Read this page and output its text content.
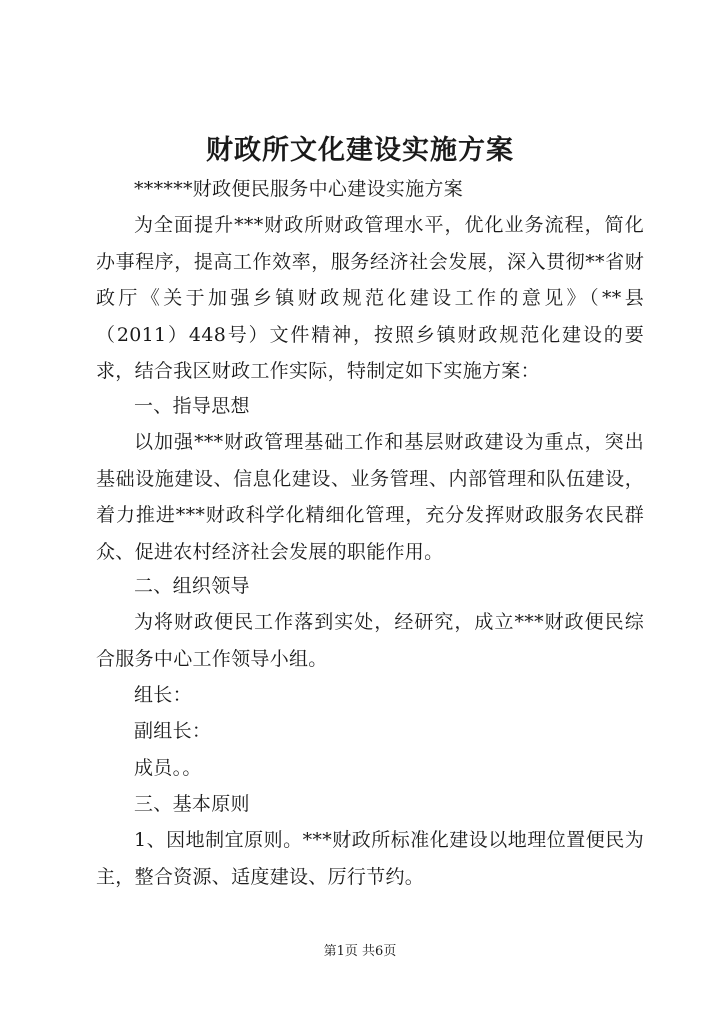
财政所文化建设实施方案
******财政便民服务中心建设实施方案
为全面提升***财政所财政管理水平，优化业务流程，简化办事程序，提高工作效率，服务经济社会发展，深入贯彻**省财政厅《关于加强乡镇财政规范化建设工作的意见》（**县（2011）448号）文件精神，按照乡镇财政规范化建设的要求，结合我区财政工作实际，特制定如下实施方案：
一、指导思想
以加强***财政管理基础工作和基层财政建设为重点，突出基础设施建设、信息化建设、业务管理、内部管理和队伍建设，着力推进***财政科学化精细化管理，充分发挥财政服务农民群众、促进农村经济社会发展的职能作用。
二、组织领导
为将财政便民工作落到实处，经研究，成立***财政便民综合服务中心工作领导小组。
组长：
副组长：
成员。。
三、基本原则
1、因地制宜原则。***财政所标准化建设以地理位置便民为主，整合资源、适度建设、厉行节约。
第1页 共6页
